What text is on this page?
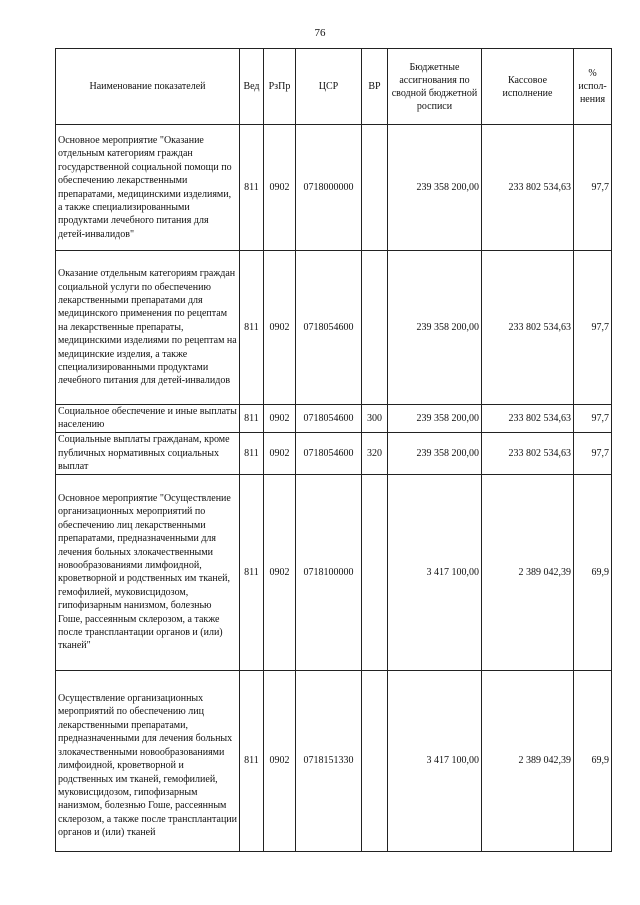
76
Наименование показателей	Вед	РзПр	ЦСР	ВР	Бюджетные ассигнования по сводной бюджетной росписи	Кассовое исполнение	% испол-нения
Основное мероприятие "Оказание отдельным категориям граждан государственной социальной помощи по обеспечению лекарственными препаратами, медицинскими изделиями, а также специализированными продуктами лечебного питания для детей-инвалидов"	811	0902	0718000000		239 358 200,00	233 802 534,63	97,7
Оказание отдельным категориям граждан социальной услуги по обеспечению лекарственными препаратами для медицинского применения по рецептам на лекарственные препараты, медицинскими изделиями по рецептам на медицинские изделия, а также специализированными продуктами лечебного питания для детей-инвалидов	811	0902	0718054600		239 358 200,00	233 802 534,63	97,7
Социальное обеспечение и иные выплаты населению	811	0902	0718054600	300	239 358 200,00	233 802 534,63	97,7
Социальные выплаты гражданам, кроме публичных нормативных социальных выплат	811	0902	0718054600	320	239 358 200,00	233 802 534,63	97,7
Основное мероприятие "Осуществление организационных мероприятий по обеспечению лиц лекарственными препаратами, предназначенными для лечения больных злокачественными новообразованиями лимфоидной, кроветворной и родственных им тканей, гемофилией, муковисцидозом, гипофизарным нанизмом, болезнью Гоше, рассеянным склерозом, а также после трансплантации органов и (или) тканей"	811	0902	0718100000		3 417 100,00	2 389 042,39	69,9
Осуществление организационных мероприятий по обеспечению лиц лекарственными препаратами, предназначенными для лечения больных злокачественными новообразованиями лимфоидной, кроветворной и родственных им тканей, гемофилией, муковисцидозом, гипофизарным нанизмом, болезнью Гоше, рассеянным склерозом, а также после трансплантации органов и (или) тканей	811	0902	0718151330		3 417 100,00	2 389 042,39	69,9
